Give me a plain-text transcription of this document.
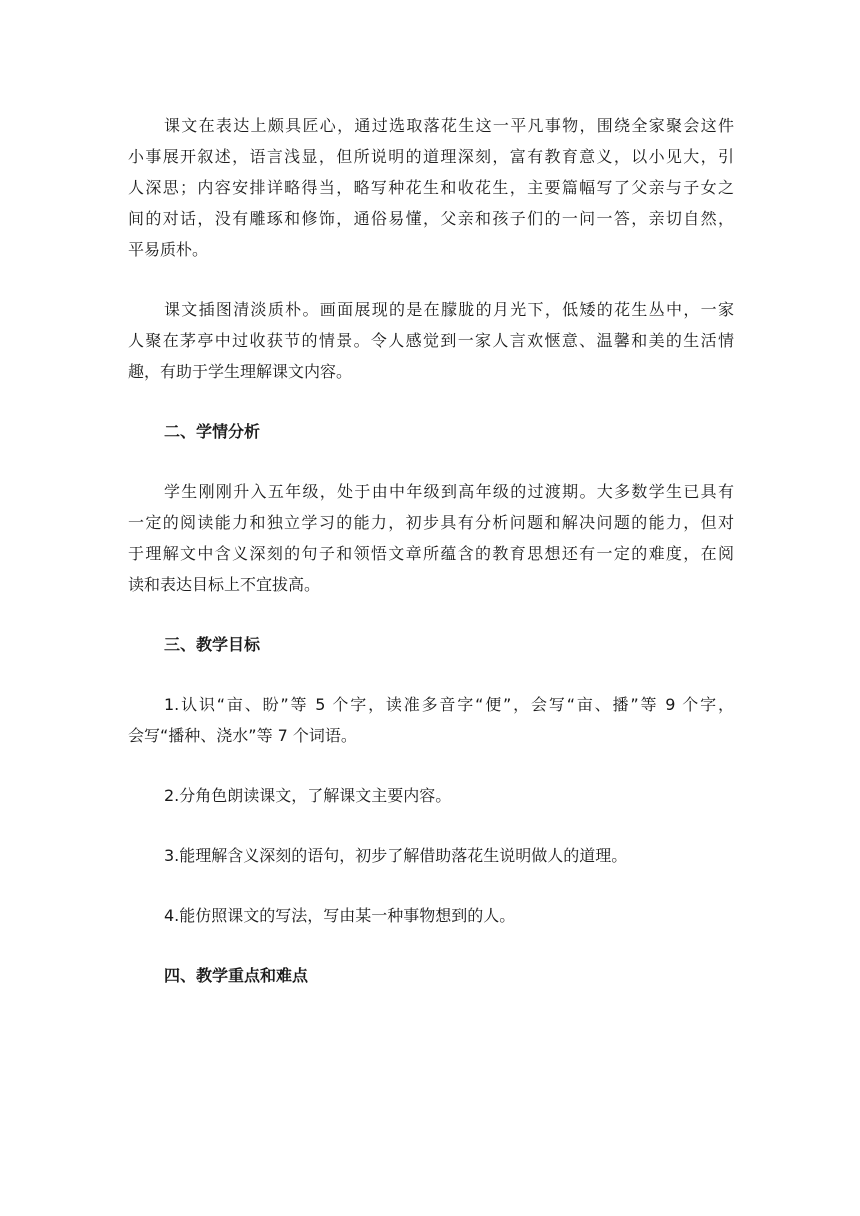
课文在表达上颇具匠心，通过选取落花生这一平凡事物，围绕全家聚会这件

小事展开叙述，语言浅显，但所说明的道理深刻，富有教育意义，以小见大，引

人深思；内容安排详略得当，略写种花生和收花生，主要篇幅写了父亲与子女之

间的对话，没有雕琢和修饰，通俗易懂，父亲和孩子们的一问一答，亲切自然，

平易质朴。

课文插图清淡质朴。画面展现的是在朦胧的月光下，低矮的花生丛中，一家

人聚在茅亭中过收获节的情景。令人感觉到一家人言欢惬意、温馨和美的生活情

趣，有助于学生理解课文内容。

二、学情分析

学生刚刚升入五年级，处于由中年级到高年级的过渡期。大多数学生已具有

一定的阅读能力和独立学习的能力，初步具有分析问题和解决问题的能力，但对

于理解文中含义深刻的句子和领悟文章所蕴含的教育思想还有一定的难度，在阅

读和表达目标上不宜拔高。

三、教学目标

1.认识“亩、盼”等 5 个字，读准多音字“便”，会写“亩、播”等 9 个字，

会写“播种、浇水”等 7 个词语。

2.分角色朗读课文，了解课文主要内容。

3.能理解含义深刻的语句，初步了解借助落花生说明做人的道理。

4.能仿照课文的写法，写由某一种事物想到的人。

四、教学重点和难点
